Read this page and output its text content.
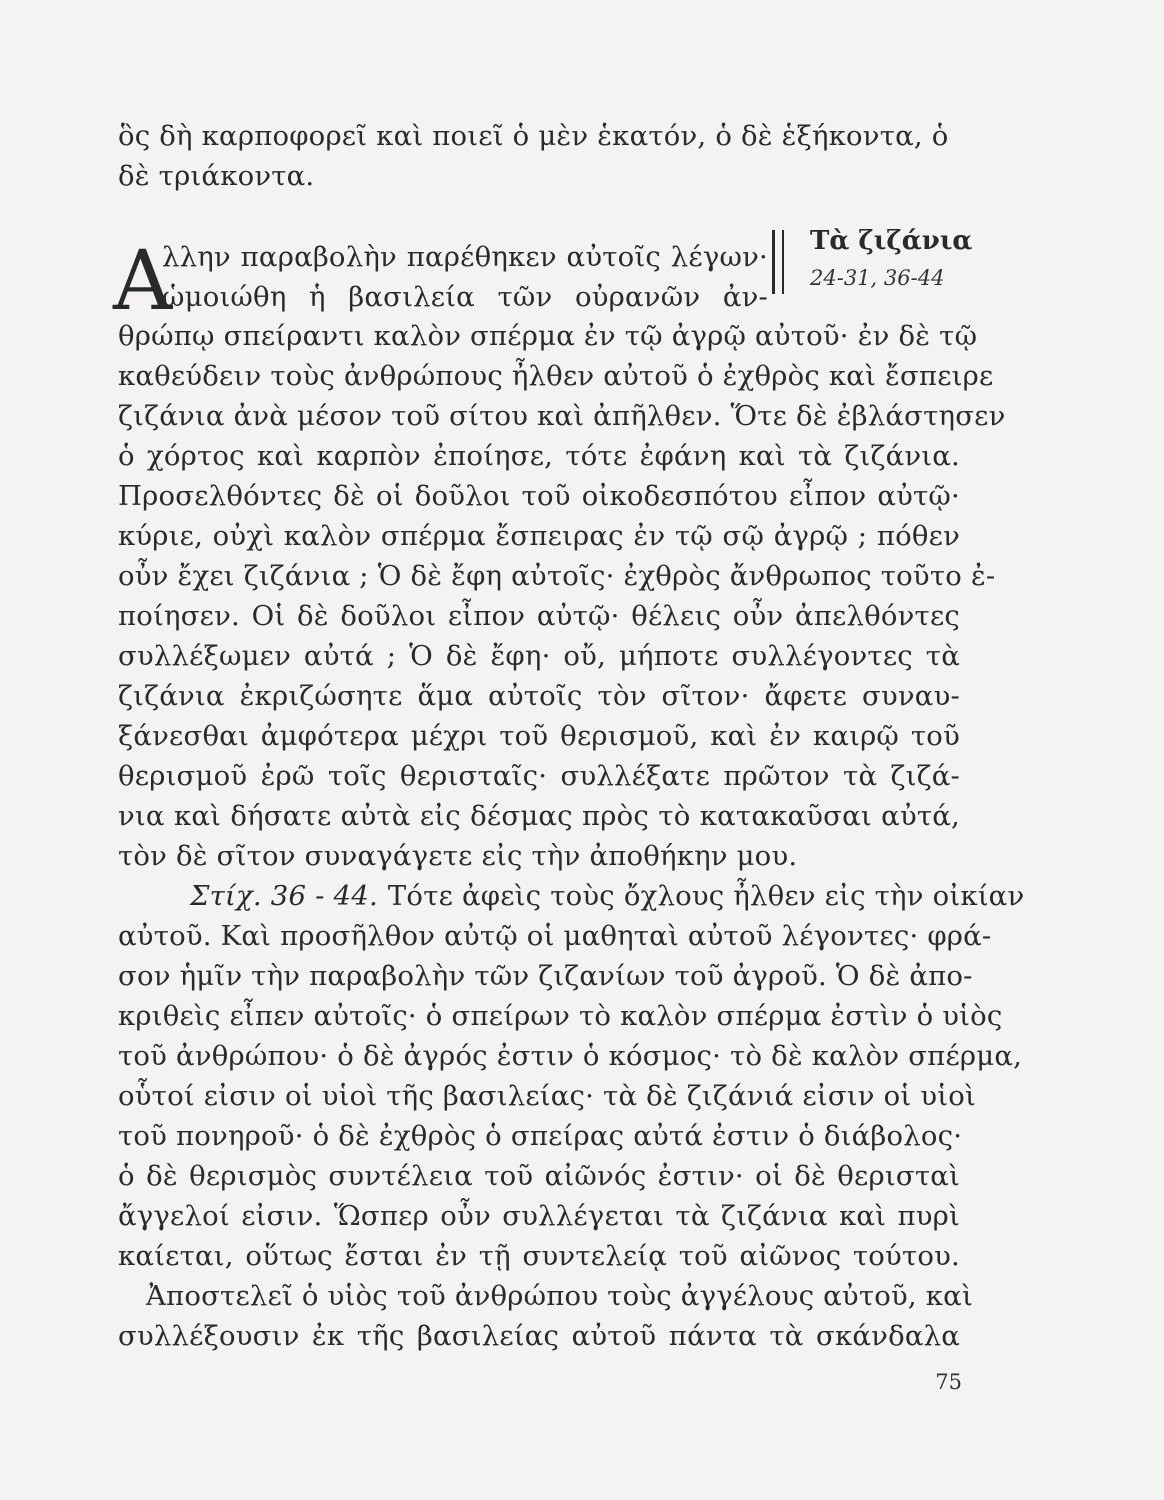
ὃς δὴ καρποφορεῖ καὶ ποιεῖ ὁ μὲν ἑκατόν, ὁ δὲ ἑξήκοντα, ὁ
δὲ τριάκοντα.
Α
λλην παραβολὴν παρέθηκεν αὐτοῖς λέγων·
ὡμοιώθη ἡ βασιλεία τῶν οὐρανῶν ἀν-
Τὰ ζιζάνια
24-31, 36-44
θρώπῳ σπείραντι καλὸν σπέρμα ἐν τῷ ἀγρῷ αὐτοῦ· ἐν δὲ τῷ
καθεύδειν τοὺς ἀνθρώπους ἦλθεν αὐτοῦ ὁ ἐχθρὸς καὶ ἔσπειρε
ζιζάνια ἀνὰ μέσον τοῦ σίτου καὶ ἀπῆλθεν. Ὅτε δὲ ἐβλάστησεν
ὁ χόρτος καὶ καρπὸν ἐποίησε, τότε ἐφάνη καὶ τὰ ζιζάνια.
Προσελθόντες δὲ οἱ δοῦλοι τοῦ οἰκοδεσπότου εἶπον αὐτῷ·
κύριε, οὐχὶ καλὸν σπέρμα ἔσπειρας ἐν τῷ σῷ ἀγρῷ ; πόθεν
οὖν ἔχει ζιζάνια ; Ὁ δὲ ἔφη αὐτοῖς· ἐχθρὸς ἄνθρωπος τοῦτο ἐ-
ποίησεν. Οἱ δὲ δοῦλοι εἶπον αὐτῷ· θέλεις οὖν ἀπελθόντες
συλλέξωμεν αὐτά ; Ὁ δὲ ἔφη· οὔ, μήποτε συλλέγοντες τὰ
ζιζάνια ἐκριζώσητε ἅμα αὐτοῖς τὸν σῖτον· ἄφετε συναυ-
ξάνεσθαι ἀμφότερα μέχρι τοῦ θερισμοῦ, καὶ ἐν καιρῷ τοῦ
θερισμοῦ ἐρῶ τοῖς θερισταῖς· συλλέξατε πρῶτον τὰ ζιζά-
νια καὶ δήσατε αὐτὰ εἰς δέσμας πρὸς τὸ κατακαῦσαι αὐτά,
τὸν δὲ σῖτον συναγάγετε εἰς τὴν ἀποθήκην μου.
Στίχ. 36 - 44. Τότε ἀφεὶς τοὺς ὄχλους ἦλθεν εἰς τὴν οἰκίαν
αὐτοῦ. Καὶ προσῆλθον αὐτῷ οἱ μαθηταὶ αὐτοῦ λέγοντες· φρά-
σον ἡμῖν τὴν παραβολὴν τῶν ζιζανίων τοῦ ἀγροῦ. Ὁ δὲ ἀπο-
κριθεὶς εἶπεν αὐτοῖς· ὁ σπείρων τὸ καλὸν σπέρμα ἐστὶν ὁ υἱὸς
τοῦ ἀνθρώπου· ὁ δὲ ἀγρός ἐστιν ὁ κόσμος· τὸ δὲ καλὸν σπέρμα,
οὗτοί εἰσιν οἱ υἱοὶ τῆς βασιλείας· τὰ δὲ ζιζάνιά εἰσιν οἱ υἱοὶ
τοῦ πονηροῦ· ὁ δὲ ἐχθρὸς ὁ σπείρας αὐτά ἐστιν ὁ διάβολος·
ὁ δὲ θερισμὸς συντέλεια τοῦ αἰῶνός ἐστιν· οἱ δὲ θερισταὶ
ἄγγελοί εἰσιν. Ὥσπερ οὖν συλλέγεται τὰ ζιζάνια καὶ πυρὶ
καίεται, οὕτως ἔσται ἐν τῇ συντελείᾳ τοῦ αἰῶνος τούτου.
Ἀποστελεῖ ὁ υἱὸς τοῦ ἀνθρώπου τοὺς ἀγγέλους αὐτοῦ, καὶ
συλλέξουσιν ἐκ τῆς βασιλείας αὐτοῦ πάντα τὰ σκάνδαλα
75
